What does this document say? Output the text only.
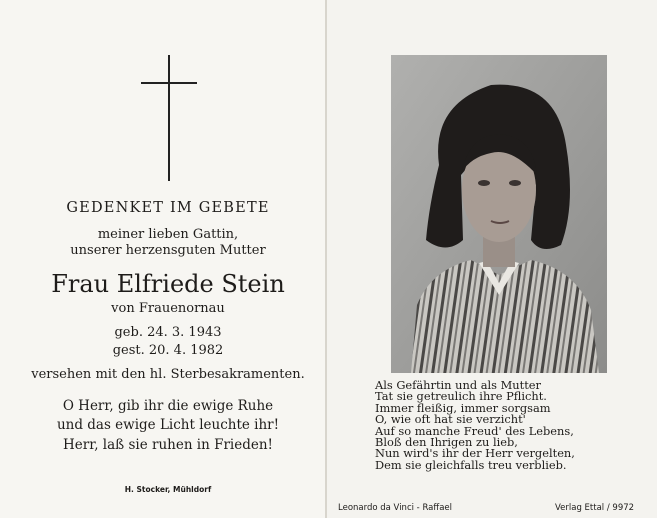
GEDENKET IM GEBETE
meiner lieben Gattin,
unserer herzensguten Mutter
Frau Elfriede Stein
von Frauenornau
geb. 24. 3. 1943
gest. 20. 4. 1982
versehen mit den hl. Sterbesakramenten.
O Herr, gib ihr die ewige Ruhe
und das ewige Licht leuchte ihr!
Herr, laß sie ruhen in Frieden!
H. Stocker, Mühldorf
Als Gefährtin und als Mutter
Tat sie getreulich ihre Pflicht.
Immer fleißig, immer sorgsam
O, wie oft hat sie verzicht'
Auf so manche Freud' des Lebens,
Bloß den Ihrigen zu lieb,
Nun wird's ihr der Herr vergelten,
Dem sie gleichfalls treu verblieb.
Leonardo da Vinci - Raffael	Verlag Ettal / 9972
